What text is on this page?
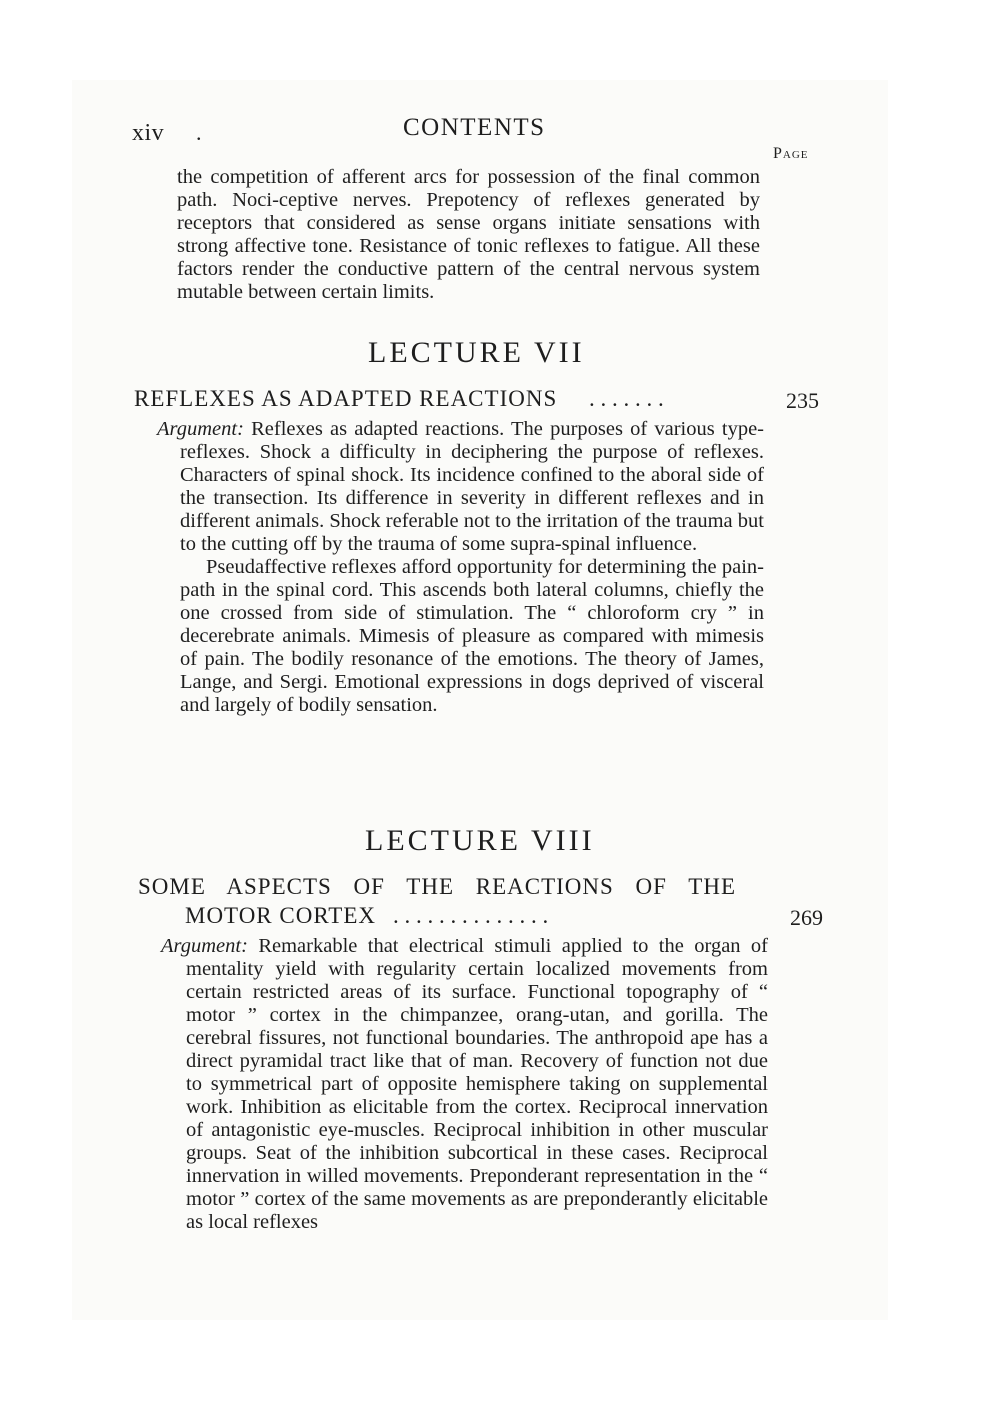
xiv .	CONTENTS
Page

the competition of afferent arcs for possession of the final common path. Noci-ceptive nerves. Prepotency of reflexes generated by receptors that considered as sense organs initiate sensations with strong affective tone. Resistance of tonic reflexes to fatigue. All these factors render the conductive pattern of the central nervous system mutable between certain limits.

LECTURE VII
REFLEXES AS ADAPTED REACTIONS . . . . . . .	235

Argument: Reflexes as adapted reactions. The purposes of various type-reflexes. Shock a difficulty in deciphering the purpose of reflexes. Characters of spinal shock. Its incidence confined to the aboral side of the transection. Its difference in severity in different reflexes and in different animals. Shock referable not to the irritation of the trauma but to the cutting off by the trauma of some supra-spinal influence.

Pseudaffective reflexes afford opportunity for determining the pain-path in the spinal cord. This ascends both lateral columns, chiefly the one crossed from side of stimulation. The “ chloroform cry ” in decerebrate animals. Mimesis of pleasure as compared with mimesis of pain. The bodily resonance of the emotions. The theory of James, Lange, and Sergi. Emotional expressions in dogs deprived of visceral and largely of bodily sensation.

LECTURE VIII
SOME ASPECTS OF THE REACTIONS OF THE
MOTOR CORTEX . . . . . . . . . . . . . .	269

Argument: Remarkable that electrical stimuli applied to the organ of mentality yield with regularity certain localized movements from certain restricted areas of its surface. Functional topography of “ motor ” cortex in the chimpanzee, orang-utan, and gorilla. The cerebral fissures, not functional boundaries. The anthropoid ape has a direct pyramidal tract like that of man. Recovery of function not due to symmetrical part of opposite hemisphere taking on supplemental work. Inhibition as elicitable from the cortex. Reciprocal innervation of antagonistic eye-muscles. Reciprocal inhibition in other muscular groups. Seat of the inhibition subcortical in these cases. Reciprocal innervation in willed movements. Preponderant representation in the “ motor ” cortex of the same movements as are preponderantly elicitable as local reflexes
